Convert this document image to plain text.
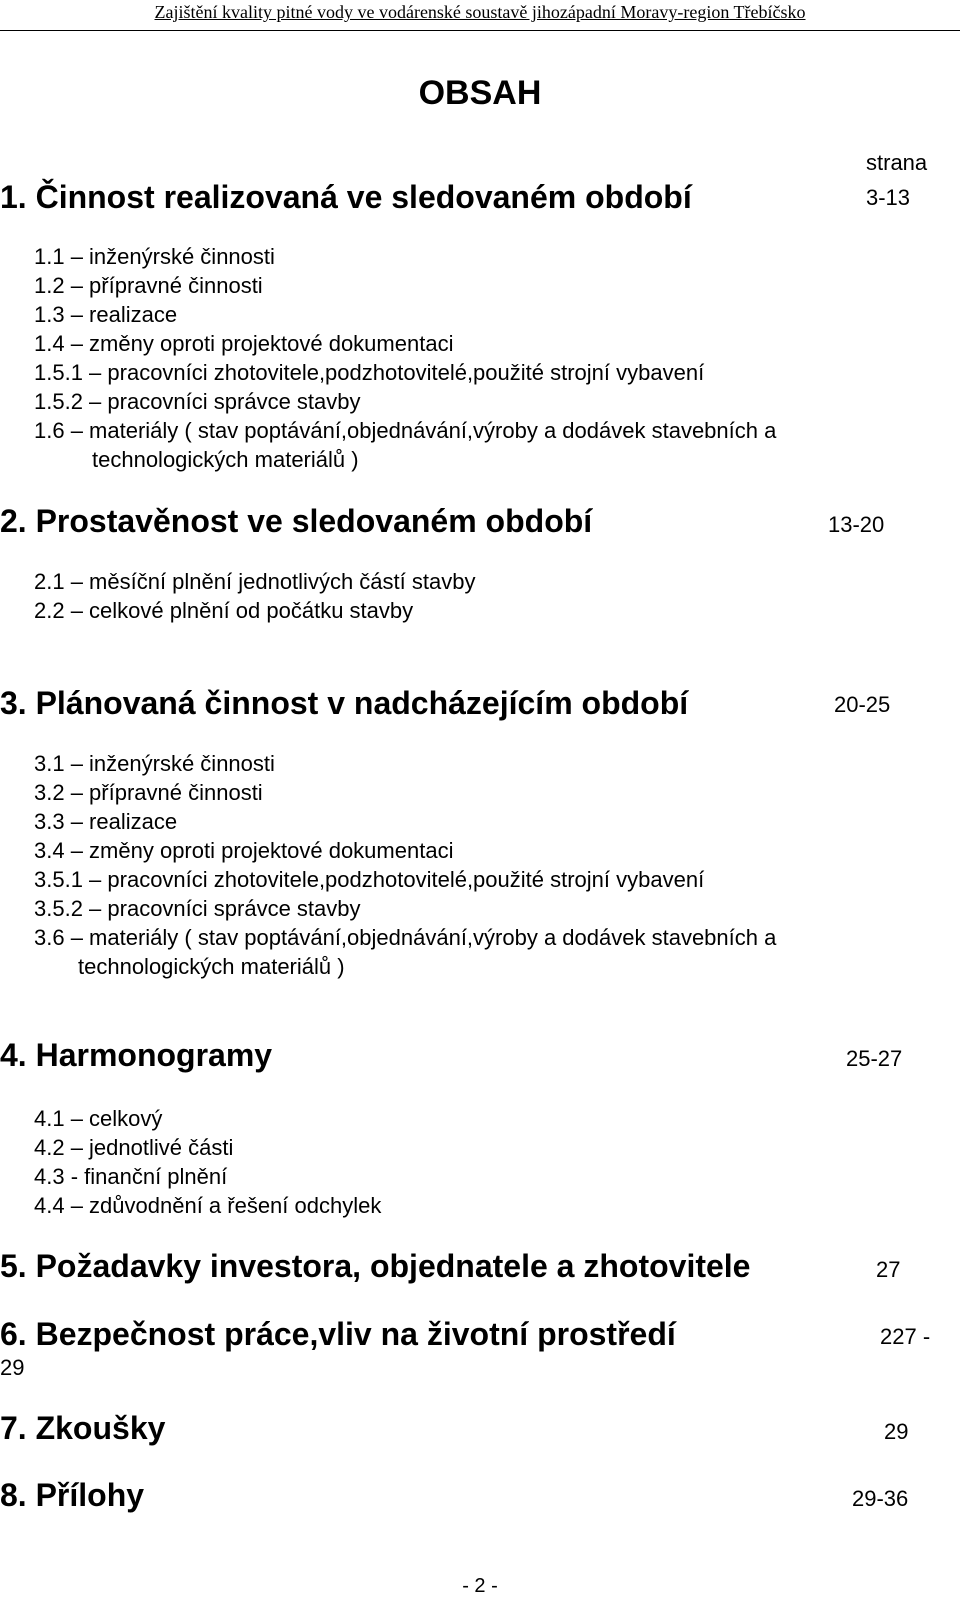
Zajištění kvality pitné vody ve vodárenské soustavě jihozápadní Moravy-region Třebíčsko
OBSAH
strana
1. Činnost realizovaná ve sledovaném období	3-13
1.1 – inženýrské činnosti
1.2 – přípravné činnosti
1.3 – realizace
1.4 – změny oproti projektové dokumentaci
1.5.1 – pracovníci zhotovitele,podzhotovitelé,použité strojní vybavení
1.5.2 – pracovníci správce stavby
1.6 – materiály ( stav poptávání,objednávání,výroby a dodávek stavebních a
technologických materiálů )
2. Prostavěnost ve sledovaném období	13-20
2.1 – měsíční plnění jednotlivých částí stavby
2.2 – celkové plnění od počátku stavby
3. Plánovaná činnost v nadcházejícím období	20-25
3.1 – inženýrské činnosti
3.2 – přípravné činnosti
3.3 – realizace
3.4 – změny oproti projektové dokumentaci
3.5.1 – pracovníci zhotovitele,podzhotovitelé,použité strojní vybavení
3.5.2 – pracovníci správce stavby
3.6 – materiály ( stav poptávání,objednávání,výroby a dodávek stavebních a
technologických materiálů )
4. Harmonogramy	25-27
4.1 – celkový
4.2 – jednotlivé části
4.3 - finanční plnění
4.4 – zdůvodnění a řešení odchylek
5. Požadavky investora, objednatele a zhotovitele	27
6. Bezpečnost práce,vliv na životní prostředí	227 -
29
7. Zkoušky	29
8. Přílohy	29-36
- 2 -
